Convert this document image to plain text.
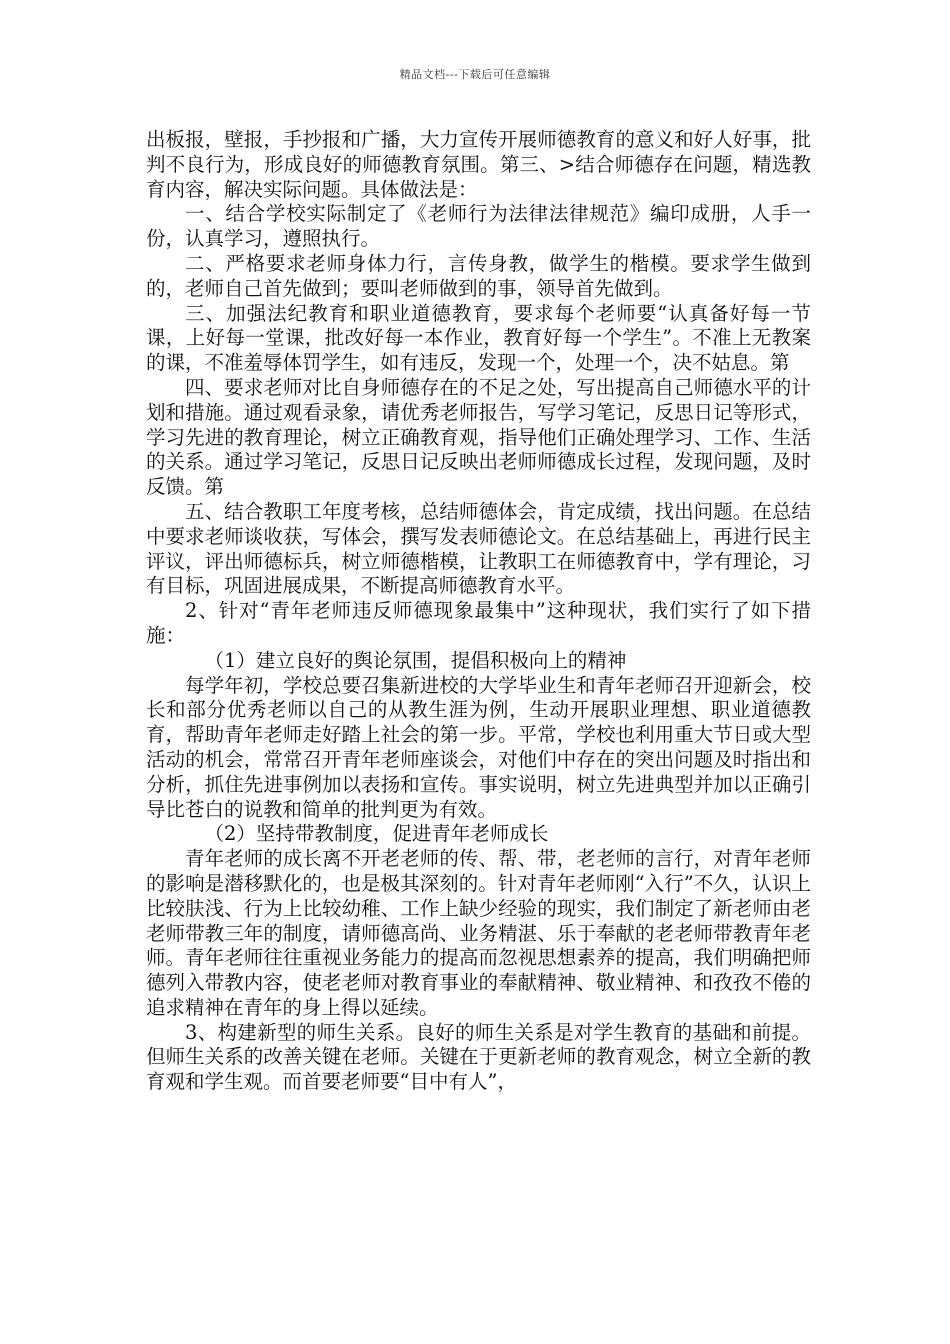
精品文档---下载后可任意编辑

出板报，壁报，手抄报和广播，大力宣传开展师德教育的意义和好人好事，批判不良行为，形成良好的师德教育氛围。第三、>结合师德存在问题，精选教育内容，解决实际问题。具体做法是：

一、结合学校实际制定了《老师行为法律法律规范》编印成册，人手一份，认真学习，遵照执行。

二、严格要求老师身体力行，言传身教，做学生的楷模。要求学生做到的，老师自己首先做到；要叫老师做到的事，领导首先做到。

三、加强法纪教育和职业道德教育，要求每个老师要“认真备好每一节课，上好每一堂课，批改好每一本作业，教育好每一个学生”。不准上无教案的课，不准羞辱体罚学生，如有违反，发现一个，处理一个，决不姑息。第

四、要求老师对比自身师德存在的不足之处，写出提高自己师德水平的计划和措施。通过观看录象，请优秀老师报告，写学习笔记，反思日记等形式，学习先进的教育理论，树立正确教育观，指导他们正确处理学习、工作、生活的关系。通过学习笔记，反思日记反映出老师师德成长过程，发现问题，及时反馈。第

五、结合教职工年度考核，总结师德体会，肯定成绩，找出问题。在总结中要求老师谈收获，写体会，撰写发表师德论文。在总结基础上，再进行民主评议，评出师德标兵，树立师德楷模，让教职工在师德教育中，学有理论，习有目标，巩固进展成果，不断提高师德教育水平。

2、针对“青年老师违反师德现象最集中”这种现状，我们实行了如下措施：

（1）建立良好的舆论氛围，提倡积极向上的精神

每学年初，学校总要召集新进校的大学毕业生和青年老师召开迎新会，校长和部分优秀老师以自己的从教生涯为例，生动开展职业理想、职业道德教育，帮助青年老师走好踏上社会的第一步。平常，学校也利用重大节日或大型活动的机会，常常召开青年老师座谈会，对他们中存在的突出问题及时指出和分析，抓住先进事例加以表扬和宣传。事实说明，树立先进典型并加以正确引导比苍白的说教和简单的批判更为有效。

（2）坚持带教制度，促进青年老师成长

青年老师的成长离不开老老师的传、帮、带，老老师的言行，对青年老师的影响是潜移默化的，也是极其深刻的。针对青年老师刚“入行”不久，认识上比较肤浅、行为上比较幼稚、工作上缺少经验的现实，我们制定了新老师由老老师带教三年的制度，请师德高尚、业务精湛、乐于奉献的老老师带教青年老师。青年老师往往重视业务能力的提高而忽视思想素养的提高，我们明确把师德列入带教内容，使老老师对教育事业的奉献精神、敬业精神、和孜孜不倦的追求精神在青年的身上得以延续。

3、构建新型的师生关系。良好的师生关系是对学生教育的基础和前提。但师生关系的改善关键在老师。关键在于更新老师的教育观念，树立全新的教育观和学生观。而首要老师要“目中有人”，
